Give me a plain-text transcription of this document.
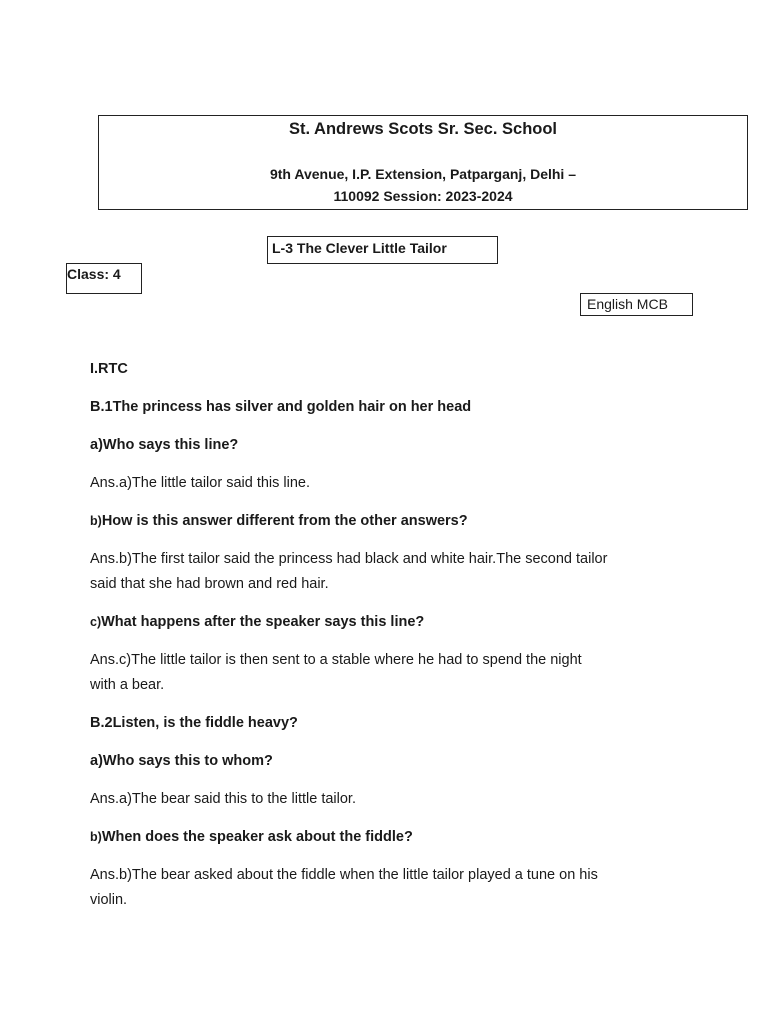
St. Andrews Scots Sr. Sec. School
9th Avenue, I.P. Extension, Patparganj, Delhi –
110092 Session: 2023-2024
L-3 The Clever Little Tailor
Class: 4
English MCB

I.RTC

B.1The princess has silver and golden hair on her head

a)Who says this line?

Ans.a)The little tailor said this line.

b)How is this answer different from the other answers?

Ans.b)The first tailor said the princess had black and white hair.The second tailor
said that she had brown and red hair.

c)What happens after the speaker says this line?

Ans.c)The little tailor is then sent to a stable where he had to spend the night
with a bear.

B.2Listen, is the fiddle heavy?

a)Who says this to whom?

Ans.a)The bear said this to the little tailor.

b)When does the speaker ask about the fiddle?

Ans.b)The bear asked about the fiddle when the little tailor played a tune on his
violin.
